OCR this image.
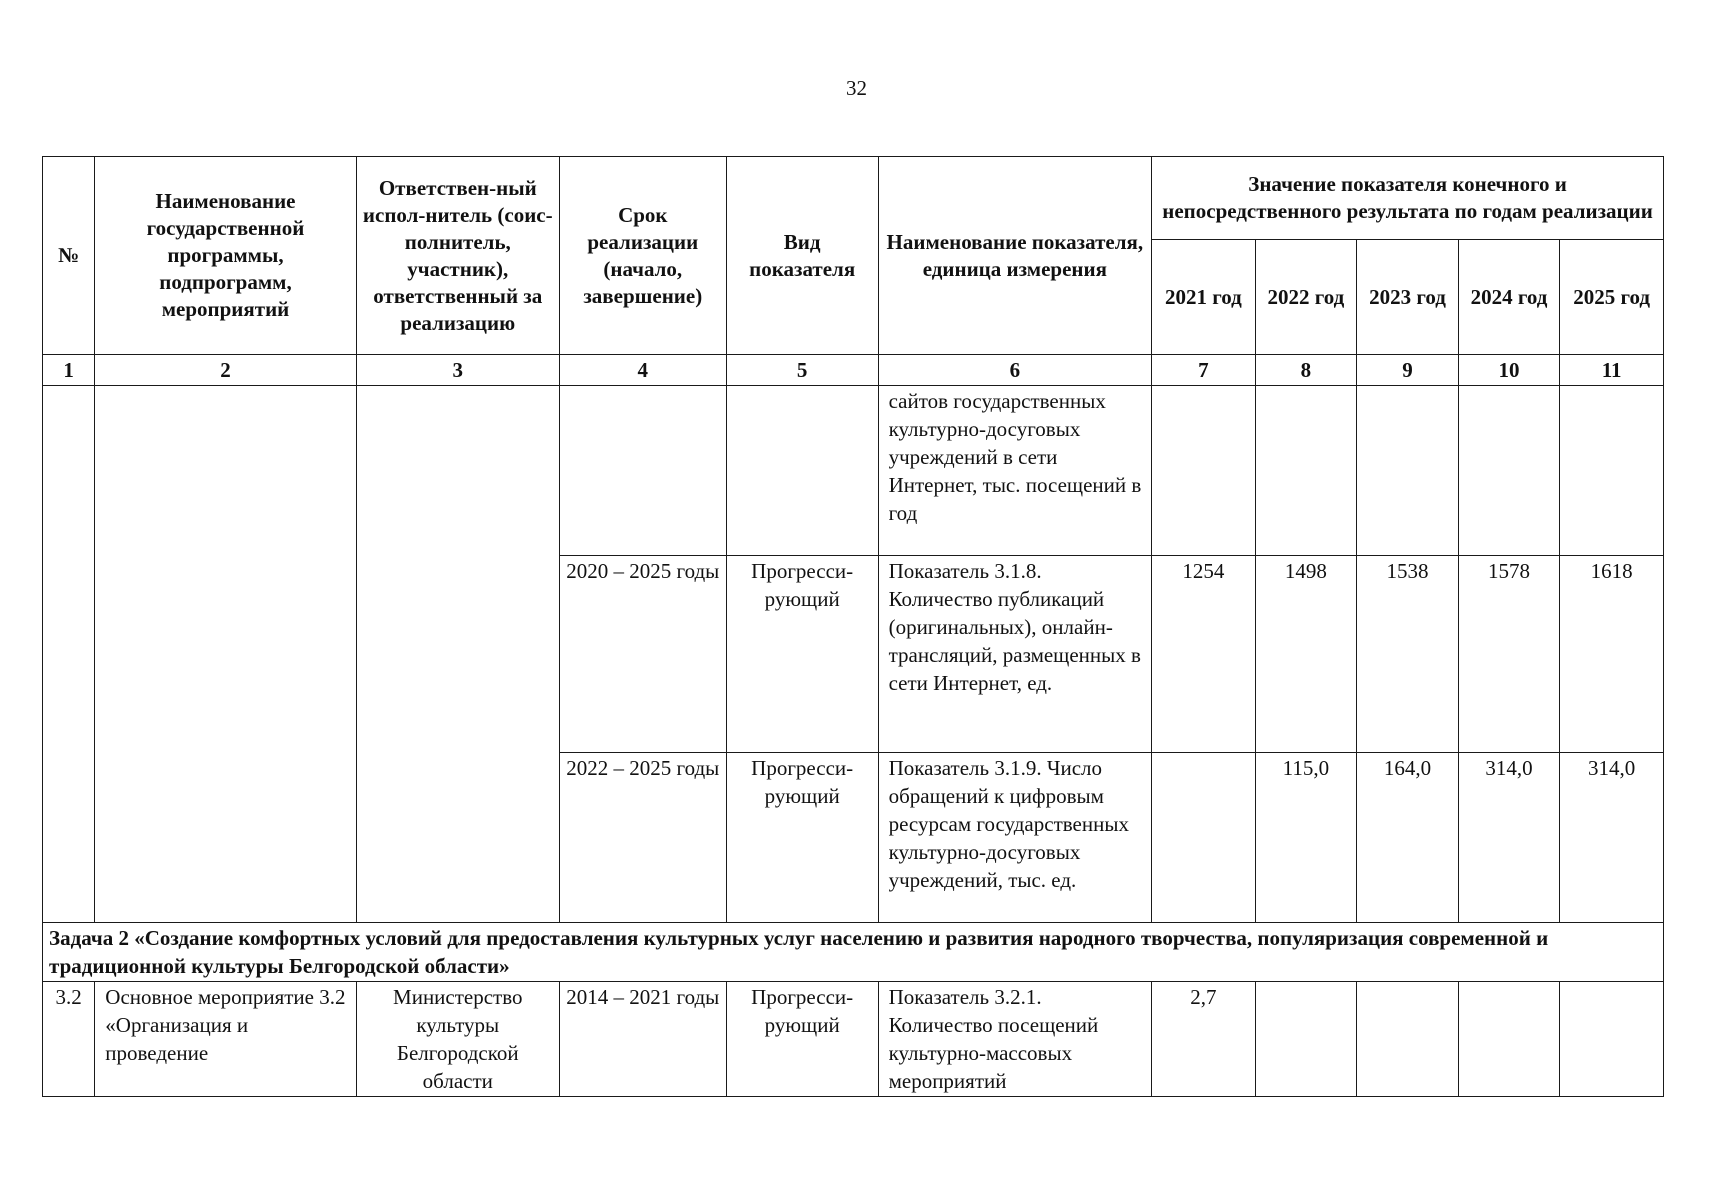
32
№	Наименование государственной программы, подпрограмм, мероприятий	Ответствен-ный испол-нитель (соис-полнитель, участник), ответственный за реализацию	Срок реализации (начало, завершение)	Вид показателя	Наименование показателя, единица измерения	Значение показателя конечного и непосредственного результата по годам реализации				
						2021 год	2022 год	2023 год	2024 год	2025 год
1	2	3	4	5	6	7	8	9	10	11
					сайтов государственных культурно-досуговых учреждений в сети Интернет, тыс. посещений в год					
			2020 – 2025 годы	Прогресси-рующий	Показатель 3.1.8. Количество публикаций (оригинальных), онлайн-трансляций, размещенных в сети Интернет, ед.	1254	1498	1538	1578	1618
			2022 – 2025 годы	Прогресси-рующий	Показатель 3.1.9. Число обращений к цифровым ресурсам государственных культурно-досуговых учреждений, тыс. ед.		115,0	164,0	314,0	314,0
Задача 2 «Создание комфортных условий для предоставления культурных услуг населению и развития народного творчества, популяризация современной и традиционной культуры Белгородской области»										
3.2	Основное мероприятие 3.2 «Организация и проведение	Министерство культуры Белгородской области	2014 – 2021 годы	Прогресси-рующий	Показатель 3.2.1. Количество посещений культурно-массовых мероприятий	2,7				
